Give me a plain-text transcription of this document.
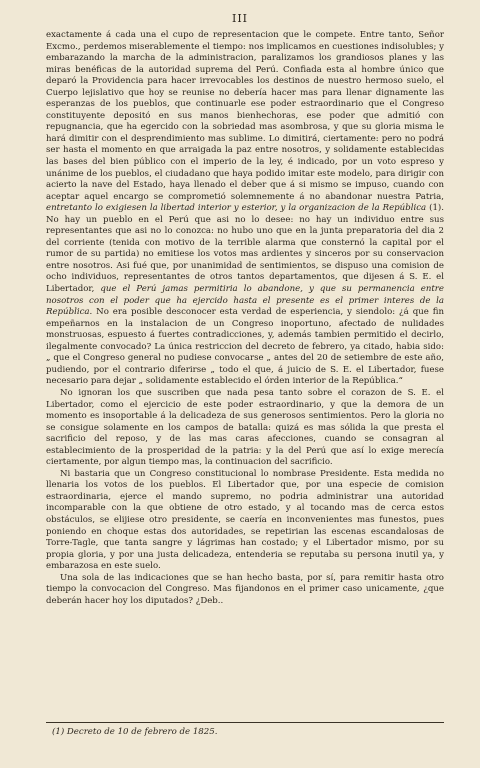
III

exactamente á cada una el cupo de representacion que le compete. Entre tanto, Señor Excmo., perdemos miserablemente el tiempo: nos implicamos en cuestiones indisolubles; y embarazando la marcha de la administracion, paralizamos los grandiosos planes y las miras benéficas de la autoridad suprema del Perú. Confiada esta al hombre único que deparó la Providencia para hacer irrevocables los destinos de nuestro hermoso suelo, el Cuerpo lejislativo que hoy se reunise no debería hacer mas para llenar dignamente las esperanzas de los pueblos, que continuarle ese poder estraordinario que el Congreso constituyente depositó en sus manos bienhechoras, ese poder que admitió con repugnancia, que ha egercido con la sobriedad mas asombrosa, y que su gloria misma le hará dimitir con el desprendimiento mas sublime. Lo dimitirá, ciertamente: pero no podrá ser hasta el momento en que arraigada la paz entre nosotros, y solidamente establecidas las bases del bien público con el imperio de la ley, é indicado, por un voto espreso y unánime de los pueblos, el ciudadano que haya podido imitar este modelo, para dirigir con acierto la nave del Estado, haya llenado el deber que á si mismo se impuso, cuando con aceptar aquel encargo se comprometió solemnemente á no abandonar nuestra Patria, entretanto lo exigiesen la libertad interior y esterior, y la organizacion de la República (1). No hay un pueblo en el Perú que asi no lo desee: no hay un individuo entre sus representantes que asi no lo conozca: no hubo uno que en la junta preparatoria del dia 2 del corriente (tenida con motivo de la terrible alarma que consternó la capital por el rumor de su partida) no emitiese los votos mas ardientes y sinceros por su conservacion entre nosotros. Asi fué que, por unanimidad de sentimientos, se dispuso una comision de ocho individuos, representantes de otros tantos departamentos, que dijesen á S. E. el Libertador, que el Perú jamas permitiria lo abandone, y que su permanencia entre nosotros con el poder que ha ejercido hasta el presente es el primer interes de la República. No era posible desconocer esta verdad de esperiencia, y siendolo: ¿á que fin empeñarnos en la instalacion de un Congreso inoportuno, afectado de nulidades monstruosas, espuesto á fuertes contradicciones, y, además tambien permitido el decirlo, ilegalmente convocado? La única restriccion del decreto de febrero, ya citado, habia sido: „ que el Congreso general no pudiese convocarse „ antes del 20 de setiembre de este año, pudiendo, por el contrario diferirse „ todo el que, á juicio de S. E. el Libertador, fuese necesario para dejar „ solidamente establecido el órden interior de la República.“

No ignoran los que suscriben que nada pesa tanto sobre el corazon de S. E. el Libertador, como el ejercicio de este poder estraordinario, y que la demora de un momento es insoportable á la delicadeza de sus generosos sentimientos. Pero la gloria no se consigue solamente en los campos de batalla: quizá es mas sólida la que presta el sacrificio del reposo, y de las mas caras afecciones, cuando se consagran al establecimiento de la prosperidad de la patria: y la del Perú que así lo exige merecía ciertamente, por algun tiempo mas, la continuacion del sacrificio.

Ni bastaria que un Congreso constitucional lo nombrase Presidente. Esta medida no llenaria los votos de los pueblos. El Libertador que, por una especie de comision estraordinaria, ejerce el mando supremo, no podria administrar una autoridad incomparable con la que obtiene de otro estado, y al tocando mas de cerca estos obstáculos, se elijiese otro presidente, se caería en inconvenientes mas funestos, pues poniendo en choque estas dos autoridades, se repetirian las escenas escandalosas de Torre-Tagle, que tanta sangre y lágrimas han costado; y el Libertador mismo, por su propia gloria, y por una justa delicadeza, entenderia se reputaba su persona inutil ya, y embarazosa en este suelo.

Una sola de las indicaciones que se han hecho basta, por sí, para remitir hasta otro tiempo la convocacion del Congreso. Mas fijandonos en el primer caso unicamente, ¿que deberán hacer hoy los diputados? ¿Deb..

(1) Decreto de 10 de febrero de 1825.
